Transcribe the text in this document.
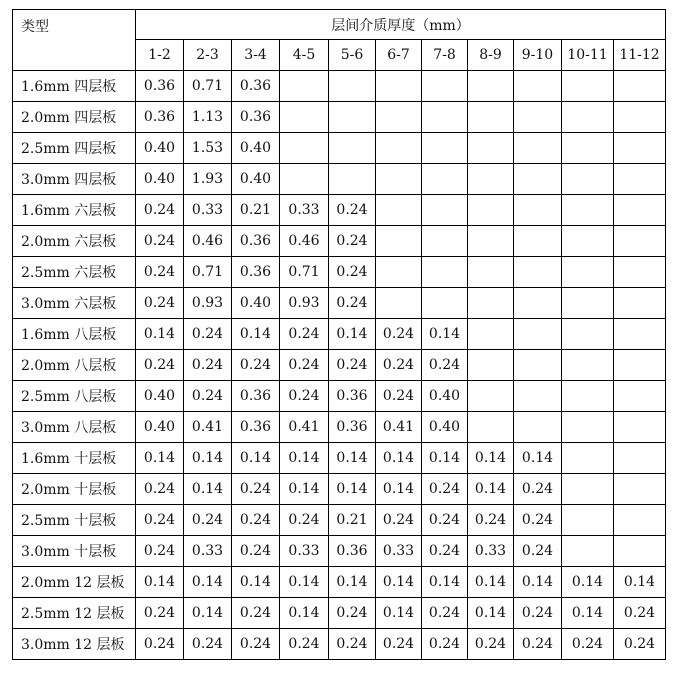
类型	层间介质厚度（mm）										
	1-2	2-3	3-4	4-5	5-6	6-7	7-8	8-9	9-10	10-11	11-12
1.6mm 四层板	0.36	0.71	0.36								
2.0mm 四层板	0.36	1.13	0.36								
2.5mm 四层板	0.40	1.53	0.40								
3.0mm 四层板	0.40	1.93	0.40								
1.6mm 六层板	0.24	0.33	0.21	0.33	0.24						
2.0mm 六层板	0.24	0.46	0.36	0.46	0.24						
2.5mm 六层板	0.24	0.71	0.36	0.71	0.24						
3.0mm 六层板	0.24	0.93	0.40	0.93	0.24						
1.6mm 八层板	0.14	0.24	0.14	0.24	0.14	0.24	0.14				
2.0mm 八层板	0.24	0.24	0.24	0.24	0.24	0.24	0.24				
2.5mm 八层板	0.40	0.24	0.36	0.24	0.36	0.24	0.40				
3.0mm 八层板	0.40	0.41	0.36	0.41	0.36	0.41	0.40				
1.6mm 十层板	0.14	0.14	0.14	0.14	0.14	0.14	0.14	0.14	0.14		
2.0mm 十层板	0.24	0.14	0.24	0.14	0.14	0.14	0.24	0.14	0.24		
2.5mm 十层板	0.24	0.24	0.24	0.24	0.21	0.24	0.24	0.24	0.24		
3.0mm 十层板	0.24	0.33	0.24	0.33	0.36	0.33	0.24	0.33	0.24		
2.0mm 12 层板	0.14	0.14	0.14	0.14	0.14	0.14	0.14	0.14	0.14	0.14	0.14
2.5mm 12 层板	0.24	0.14	0.24	0.14	0.24	0.14	0.24	0.14	0.24	0.14	0.24
3.0mm 12 层板	0.24	0.24	0.24	0.24	0.24	0.24	0.24	0.24	0.24	0.24	0.24
